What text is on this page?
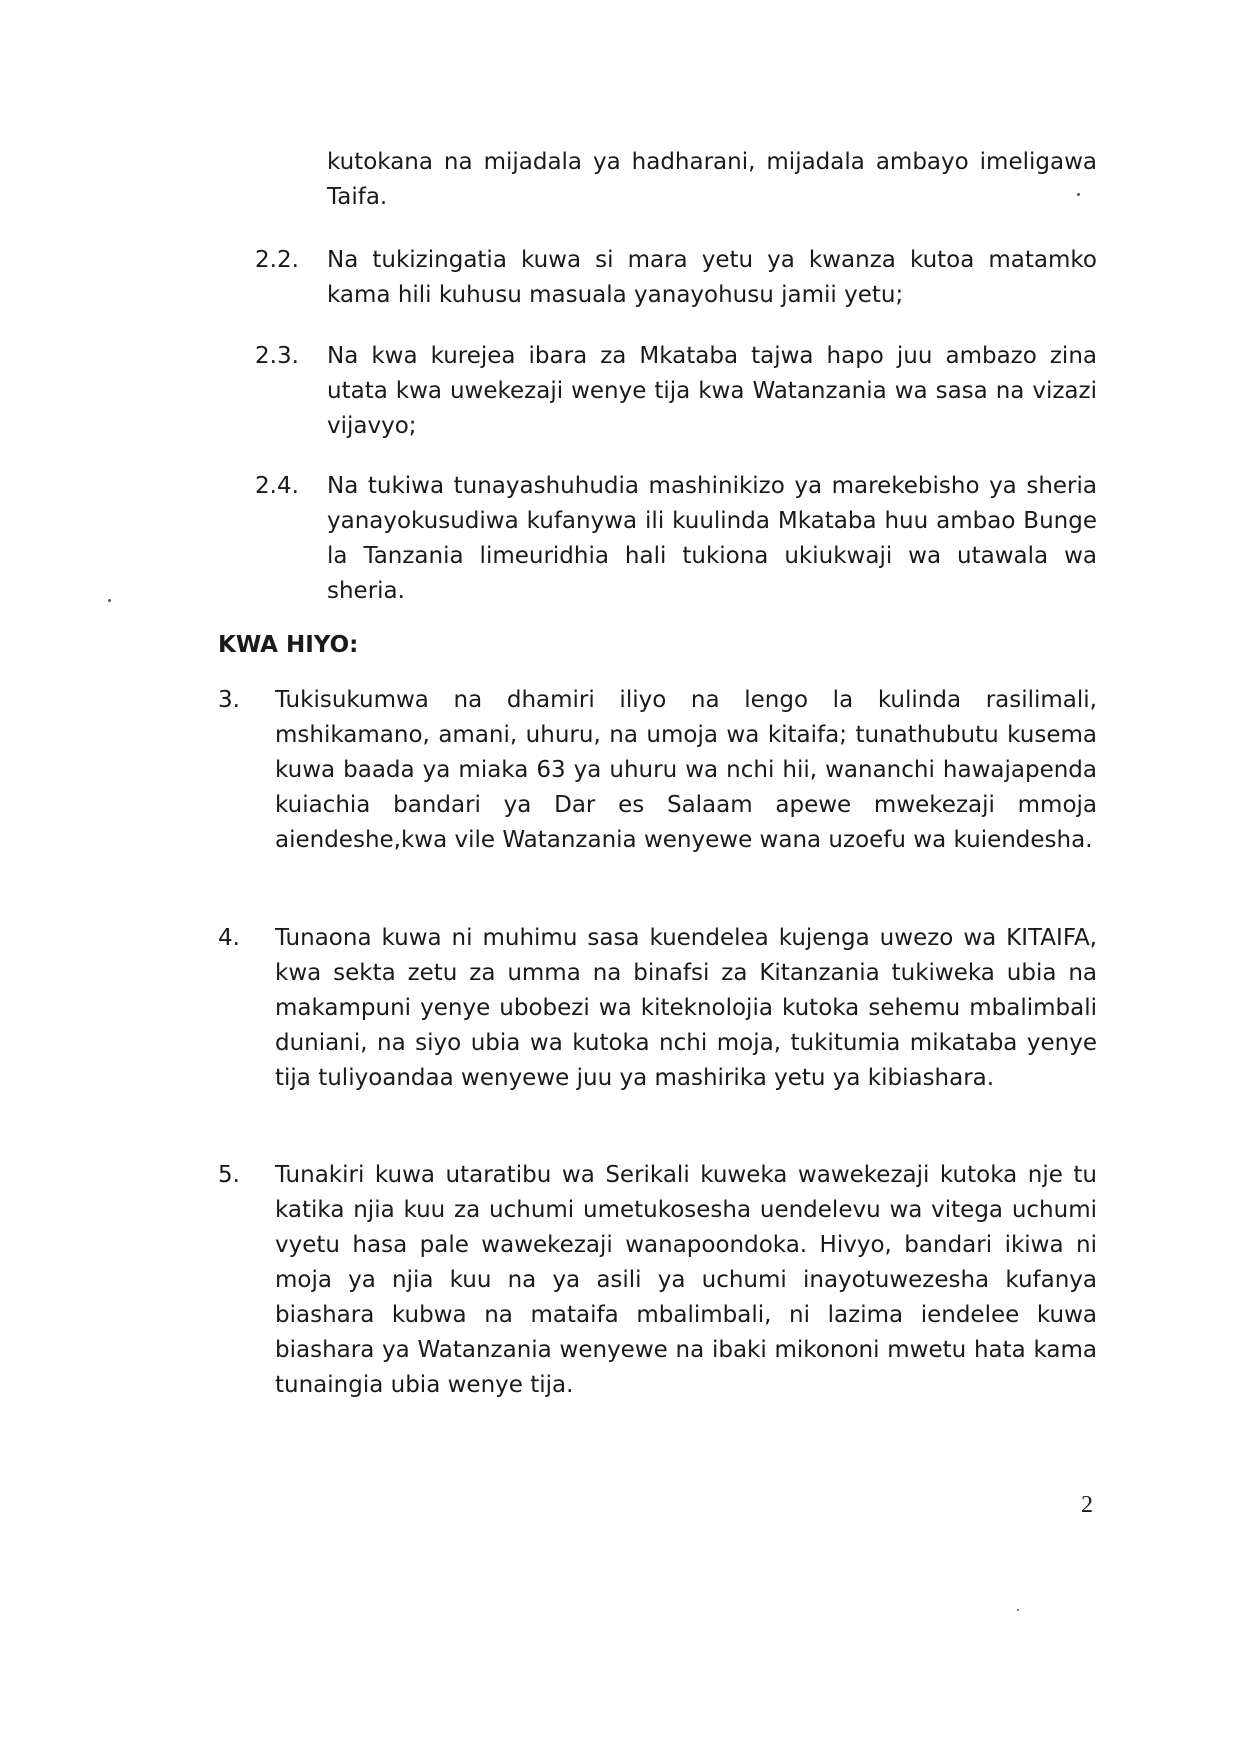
kutokana na mijadala ya hadharani, mijadala ambayo imeligawa Taifa.

2.2. Na tukizingatia kuwa si mara yetu ya kwanza kutoa matamko kama hili kuhusu masuala yanayohusu jamii yetu;

2.3. Na kwa kurejea ibara za Mkataba tajwa hapo juu ambazo zina utata kwa uwekezaji wenye tija kwa Watanzania wa sasa na vizazi vijavyo;

2.4. Na tukiwa tunayashuhudia mashinikizo ya marekebisho ya sheria yanayokusudiwa kufanywa ili kuulinda Mkataba huu ambao Bunge la Tanzania limeuridhia hali tukiona ukiukwaji wa utawala wa sheria.

KWA HIYO:
3. Tukisukumwa na dhamiri iliyo na lengo la kulinda rasilimali, mshikamano, amani, uhuru, na umoja wa kitaifa; tunathubutu kusema kuwa baada ya miaka 63 ya uhuru wa nchi hii, wananchi hawajapenda kuiachia bandari ya Dar es Salaam apewe mwekezaji mmoja aiendeshe,kwa vile Watanzania wenyewe wana uzoefu wa kuiendesha.

4. Tunaona kuwa ni muhimu sasa kuendelea kujenga uwezo wa KITAIFA, kwa sekta zetu za umma na binafsi za Kitanzania tukiweka ubia na makampuni yenye ubobezi wa kiteknolojia kutoka sehemu mbalimbali duniani, na siyo ubia wa kutoka nchi moja, tukitumia mikataba yenye tija tuliyoandaa wenyewe juu ya mashirika yetu ya kibiashara.

5. Tunakiri kuwa utaratibu wa Serikali kuweka wawekezaji kutoka nje tu katika njia kuu za uchumi umetukosesha uendelevu wa vitega uchumi vyetu hasa pale wawekezaji wanapoondoka. Hivyo, bandari ikiwa ni moja ya njia kuu na ya asili ya uchumi inayotuwezesha kufanya biashara kubwa na mataifa mbalimbali, ni lazima iendelee kuwa biashara ya Watanzania wenyewe na ibaki mikononi mwetu hata kama tunaingia ubia wenye tija.

2
